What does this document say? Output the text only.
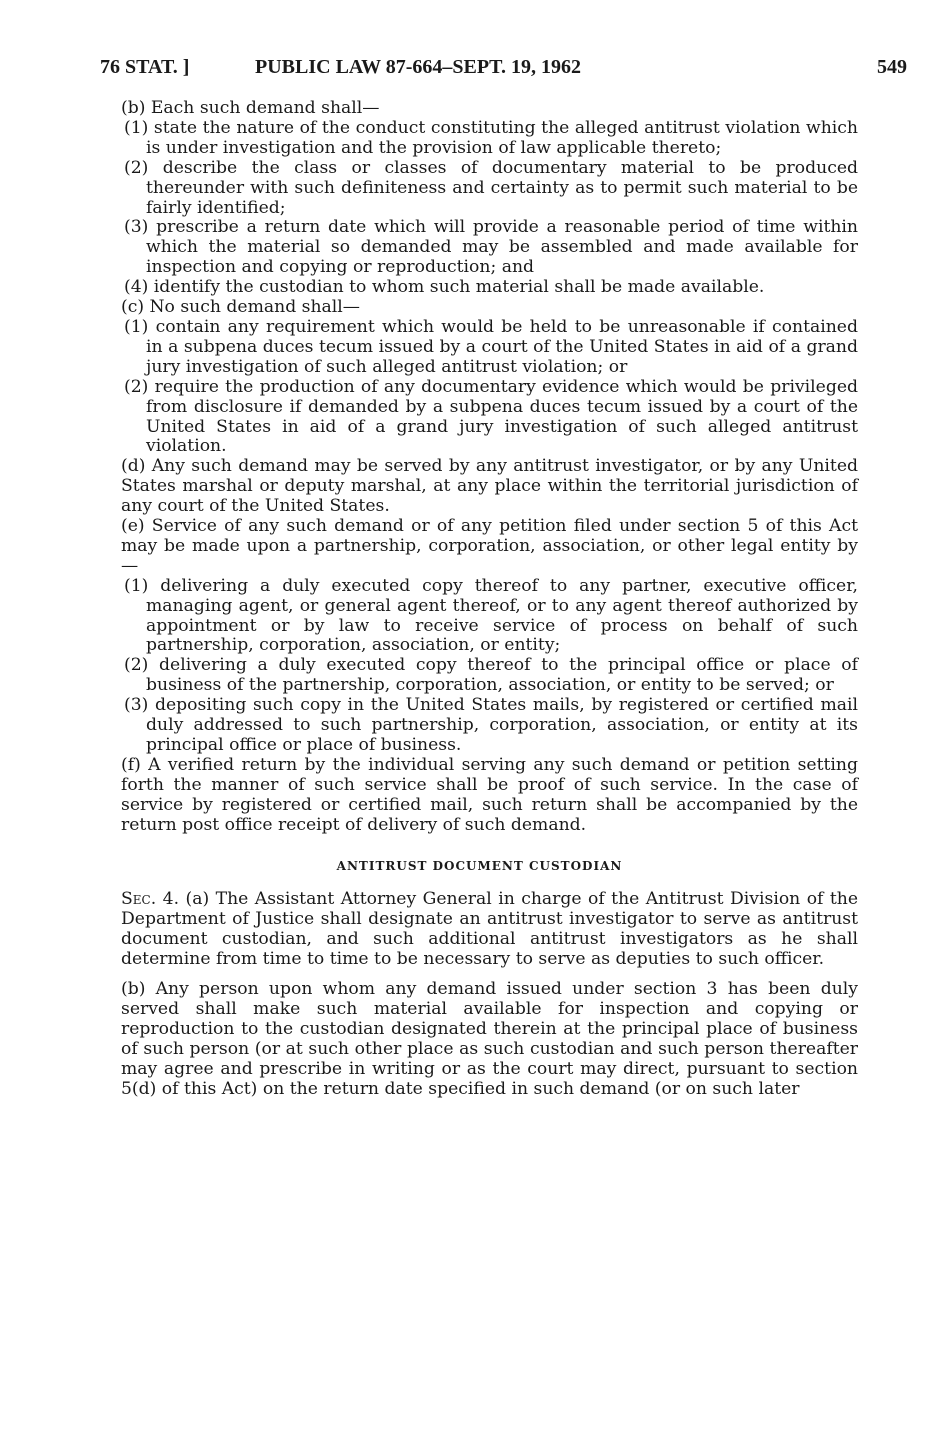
76 STAT. ]	PUBLIC LAW 87-664–SEPT. 19, 1962	549

(b) Each such demand shall—

(1) state the nature of the conduct constituting the alleged antitrust violation which is under investigation and the provision of law applicable thereto;

(2) describe the class or classes of documentary material to be produced thereunder with such definiteness and certainty as to permit such material to be fairly identified;

(3) prescribe a return date which will provide a reasonable period of time within which the material so demanded may be assembled and made available for inspection and copying or reproduction; and

(4) identify the custodian to whom such material shall be made available.

(c) No such demand shall—

(1) contain any requirement which would be held to be unreasonable if contained in a subpena duces tecum issued by a court of the United States in aid of a grand jury investigation of such alleged antitrust violation; or

(2) require the production of any documentary evidence which would be privileged from disclosure if demanded by a subpena duces tecum issued by a court of the United States in aid of a grand jury investigation of such alleged antitrust violation.

(d) Any such demand may be served by any antitrust investigator, or by any United States marshal or deputy marshal, at any place within the territorial jurisdiction of any court of the United States.

(e) Service of any such demand or of any petition filed under section 5 of this Act may be made upon a partnership, corporation, association, or other legal entity by—

(1) delivering a duly executed copy thereof to any partner, executive officer, managing agent, or general agent thereof, or to any agent thereof authorized by appointment or by law to receive service of process on behalf of such partnership, corporation, association, or entity;

(2) delivering a duly executed copy thereof to the principal office or place of business of the partnership, corporation, association, or entity to be served; or

(3) depositing such copy in the United States mails, by registered or certified mail duly addressed to such partnership, corporation, association, or entity at its principal office or place of business.

(f) A verified return by the individual serving any such demand or petition setting forth the manner of such service shall be proof of such service. In the case of service by registered or certified mail, such return shall be accompanied by the return post office receipt of delivery of such demand.

ANTITRUST DOCUMENT CUSTODIAN

Sec. 4. (a) The Assistant Attorney General in charge of the Antitrust Division of the Department of Justice shall designate an antitrust investigator to serve as antitrust document custodian, and such additional antitrust investigators as he shall determine from time to time to be necessary to serve as deputies to such officer.

(b) Any person upon whom any demand issued under section 3 has been duly served shall make such material available for inspection and copying or reproduction to the custodian designated therein at the principal place of business of such person (or at such other place as such custodian and such person thereafter may agree and prescribe in writing or as the court may direct, pursuant to section 5(d) of this Act) on the return date specified in such demand (or on such later
